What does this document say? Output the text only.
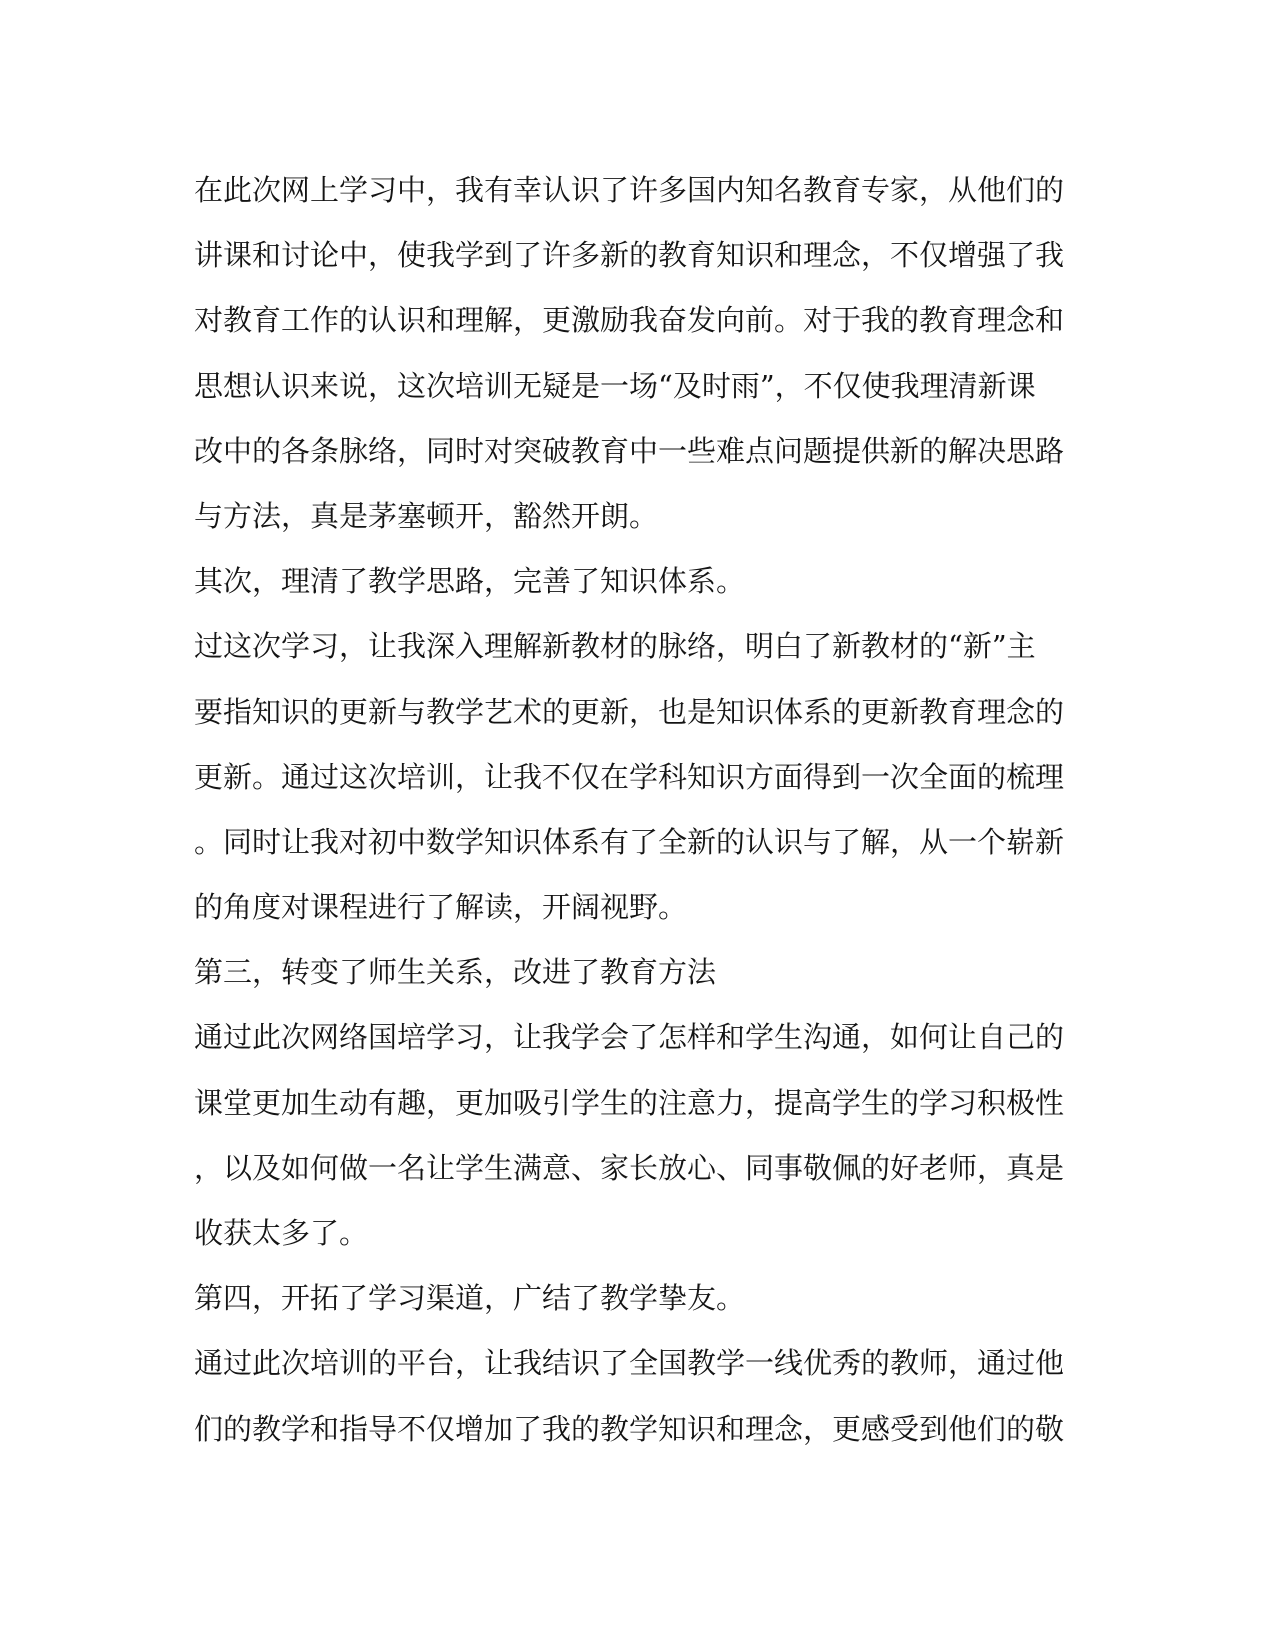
在此次网上学习中，我有幸认识了许多国内知名教育专家，从他们的
讲课和讨论中，使我学到了许多新的教育知识和理念，不仅增强了我
对教育工作的认识和理解，更激励我奋发向前。对于我的教育理念和
思想认识来说，这次培训无疑是一场“及时雨”，不仅使我理清新课
改中的各条脉络，同时对突破教育中一些难点问题提供新的解决思路
与方法，真是茅塞顿开，豁然开朗。
其次，理清了教学思路，完善了知识体系。
过这次学习，让我深入理解新教材的脉络，明白了新教材的“新”主
要指知识的更新与教学艺术的更新，也是知识体系的更新教育理念的
更新。通过这次培训，让我不仅在学科知识方面得到一次全面的梳理
。同时让我对初中数学知识体系有了全新的认识与了解，从一个崭新
的角度对课程进行了解读，开阔视野。
第三，转变了师生关系，改进了教育方法
通过此次网络国培学习，让我学会了怎样和学生沟通，如何让自己的
课堂更加生动有趣，更加吸引学生的注意力，提高学生的学习积极性
，以及如何做一名让学生满意、家长放心、同事敬佩的好老师，真是
收获太多了。
第四，开拓了学习渠道，广结了教学挚友。
通过此次培训的平台，让我结识了全国教学一线优秀的教师，通过他
们的教学和指导不仅增加了我的教学知识和理念，更感受到他们的敬
